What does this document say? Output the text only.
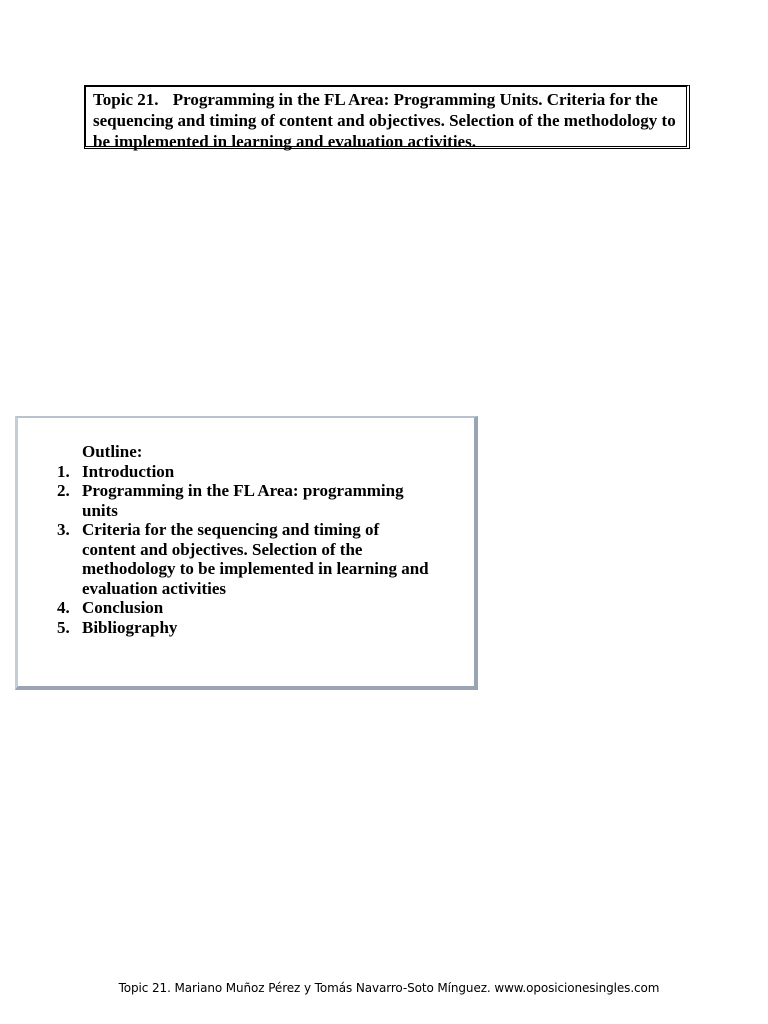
Topic 21. Programming in the FL Area: Programming Units. Criteria for the sequencing and timing of content and objectives. Selection of the methodology to be implemented in learning and evaluation activities.
Outline:
1. Introduction
2. Programming in the FL Area: programming units
3. Criteria for the sequencing and timing of content and objectives. Selection of the methodology to be implemented in learning and evaluation activities
4. Conclusion
5. Bibliography
Topic 21. Mariano Muñoz Pérez y Tomás Navarro-Soto Mínguez. www.oposicionesingles.com
